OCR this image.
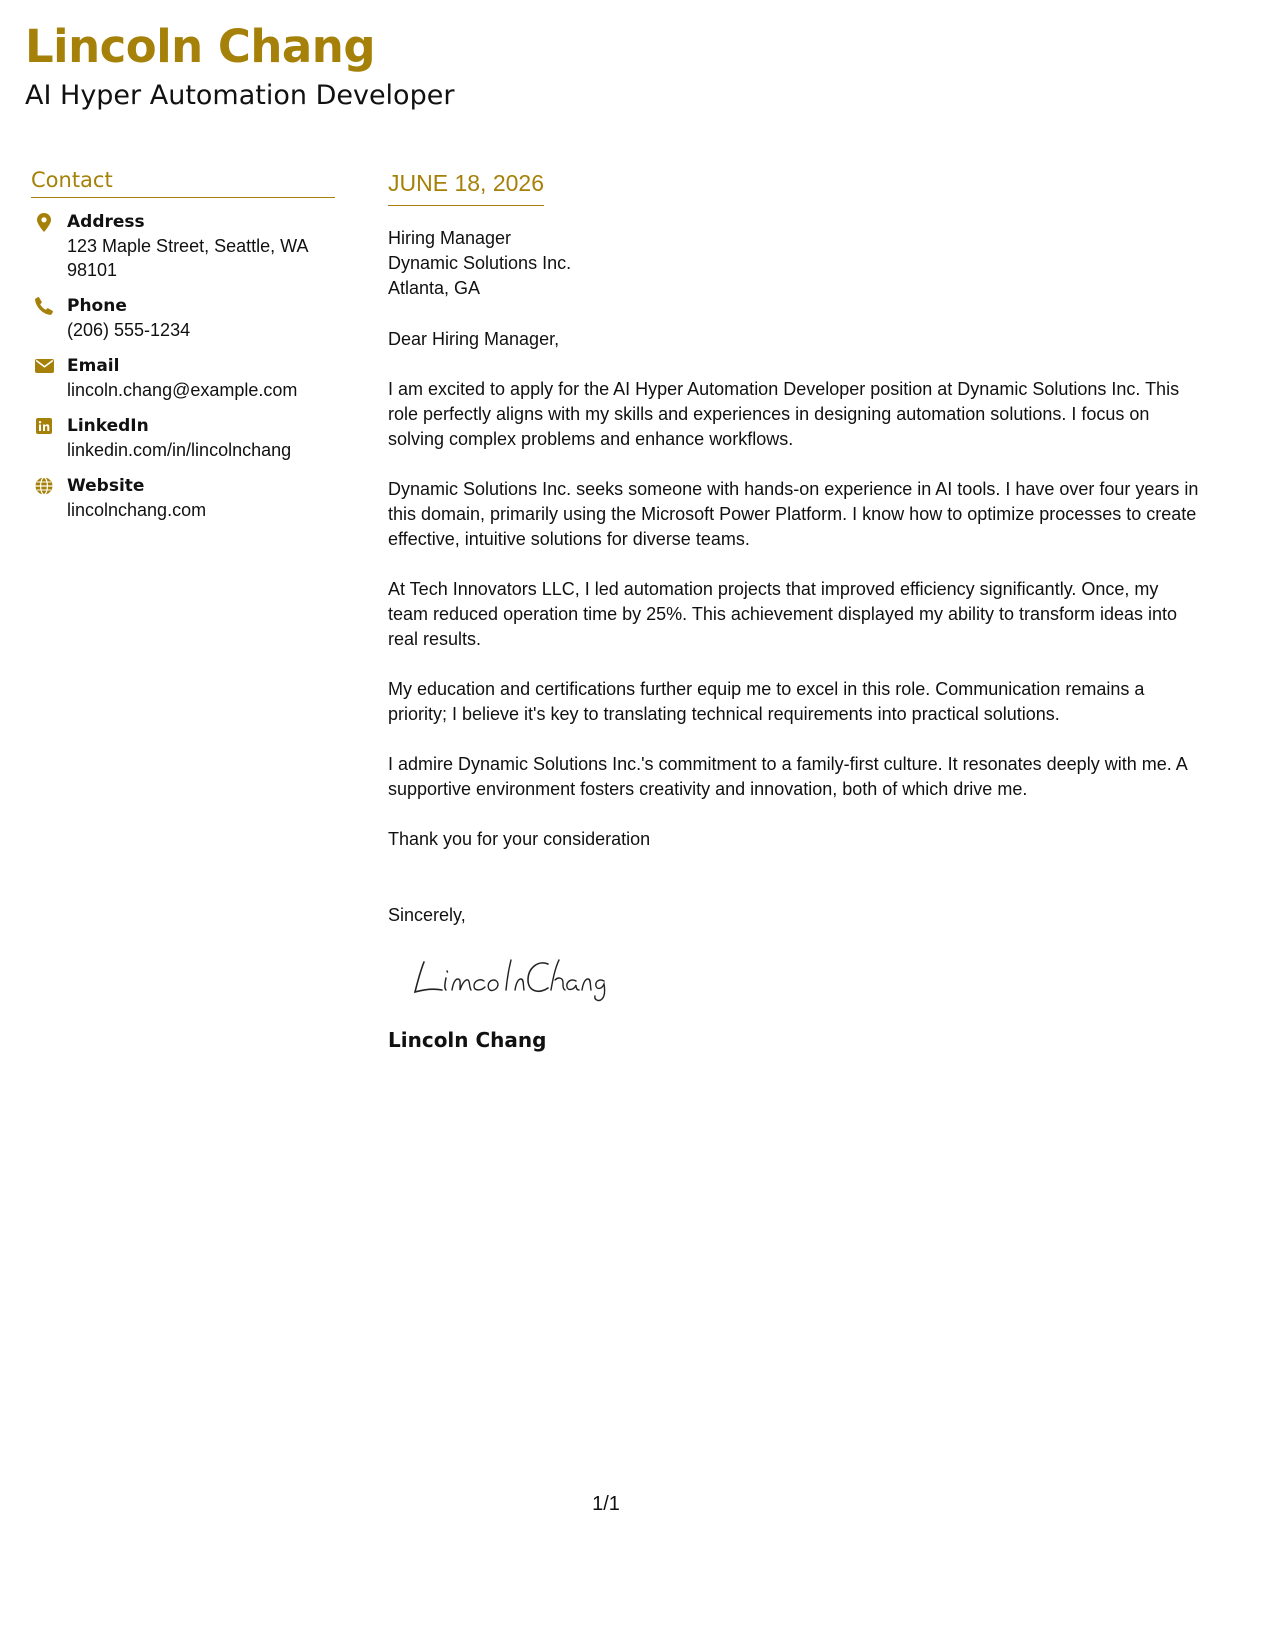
Lincoln Chang
AI Hyper Automation Developer
Contact
Address
123 Maple Street, Seattle, WA
98101
Phone
(206) 555-1234
Email
lincoln.chang@example.com
LinkedIn
linkedin.com/in/lincolnchang
Website
lincolnchang.com
JUNE 18, 2026
Hiring Manager
Dynamic Solutions Inc.
Atlanta, GA
Dear Hiring Manager,

I am excited to apply for the AI Hyper Automation Developer position at Dynamic Solutions Inc. This role perfectly aligns with my skills and experiences in designing automation solutions. I focus on solving complex problems and enhance workflows.

Dynamic Solutions Inc. seeks someone with hands-on experience in AI tools. I have over four years in this domain, primarily using the Microsoft Power Platform. I know how to optimize processes to create effective, intuitive solutions for diverse teams.

At Tech Innovators LLC, I led automation projects that improved efficiency significantly. Once, my team reduced operation time by 25%. This achievement displayed my ability to transform ideas into real results.

My education and certifications further equip me to excel in this role. Communication remains a priority; I believe it's key to translating technical requirements into practical solutions.

I admire Dynamic Solutions Inc.'s commitment to a family-first culture. It resonates deeply with me. A supportive environment fosters creativity and innovation, both of which drive me.

Thank you for your consideration

Sincerely,
Lincoln Chang
1/1
